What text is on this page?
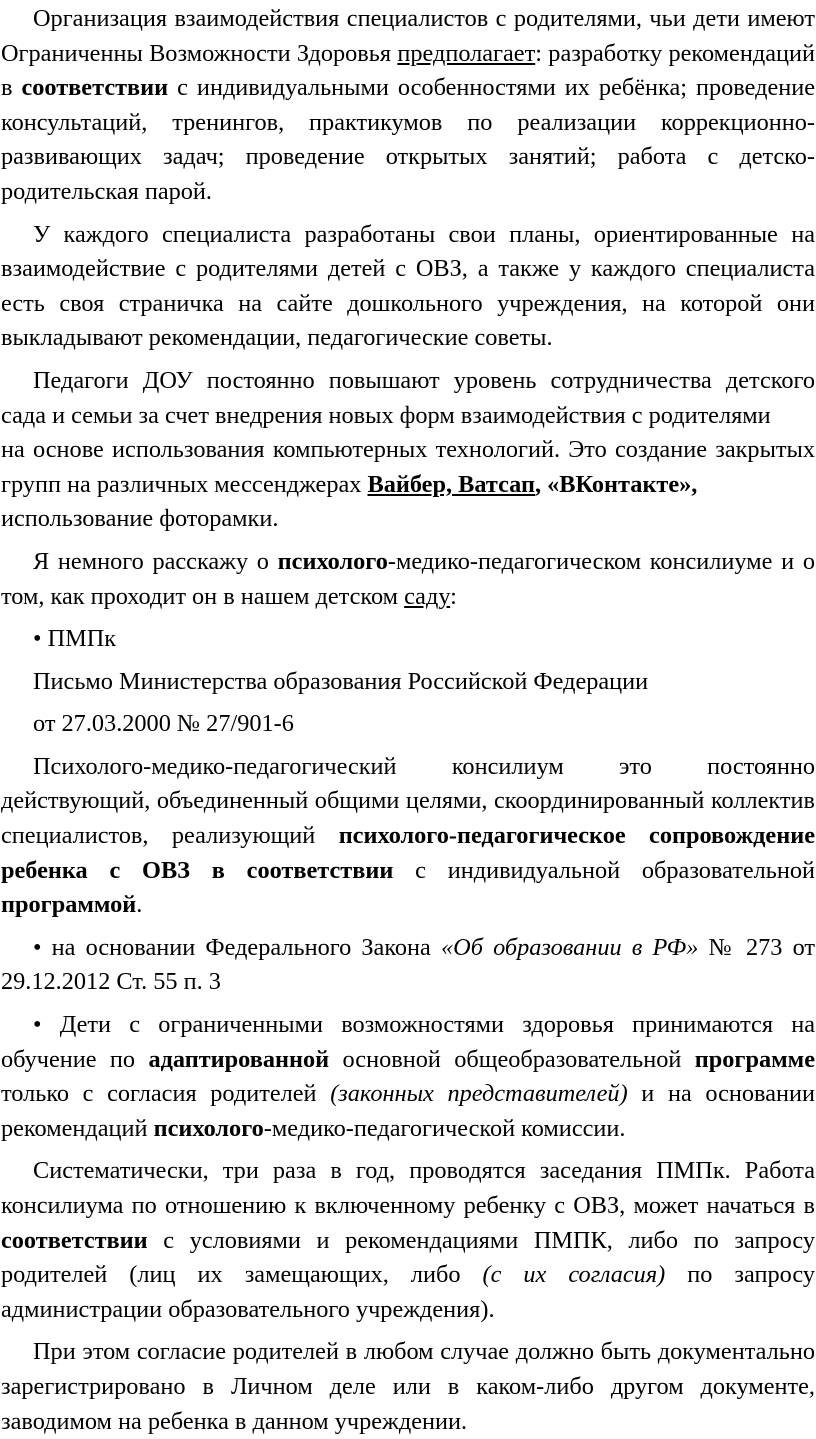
Организация взаимодействия специалистов с родителями, чьи дети имеют Ограниченны Возможности Здоровья предполагает: разработку рекомендаций в соответствии с индивидуальными особенностями их ребёнка; проведение консультаций, тренингов, практикумов по реализации коррекционно-развивающих задач; проведение открытых занятий; работа с детско-родительская парой.

У каждого специалиста разработаны свои планы, ориентированные на взаимодействие с родителями детей с ОВЗ, а также у каждого специалиста есть своя страничка на сайте дошкольного учреждения, на которой они выкладывают рекомендации, педагогические советы.

Педагоги ДОУ постоянно повышают уровень сотрудничества детского
сада и семьи за счет внедрения новых форм взаимодействия с родителями
на основе использования компьютерных технологий. Это создание закрытых
групп на различных мессенджерах Вайбер, Ватсап, «ВКонтакте»,
использование фоторамки.

Я немного расскажу о психолого-медико-педагогическом консилиуме и о том, как проходит он в нашем детском саду:

• ПМПк

Письмо Министерства образования Российской Федерации

от 27.03.2000 № 27/901-6

Психолого-медико-педагогический консилиум это постоянно действующий, объединенный общими целями, скоординированный коллектив специалистов, реализующий психолого-педагогическое сопровождение ребенка с ОВЗ в соответствии с индивидуальной образовательной программой.

• на основании Федерального Закона «Об образовании в РФ» № 273 от 29.12.2012 Ст. 55 п. 3

• Дети с ограниченными возможностями здоровья принимаются на обучение по адаптированной основной общеобразовательной программе только с согласия родителей (законных представителей) и на основании рекомендаций психолого-медико-педагогической комиссии.

Систематически, три раза в год, проводятся заседания ПМПк. Работа консилиума по отношению к включенному ребенку с ОВЗ, может начаться в соответствии с условиями и рекомендациями ПМПК, либо по запросу родителей (лиц их замещающих, либо (с их согласия) по запросу администрации образовательного учреждения).

При этом согласие родителей в любом случае должно быть документально зарегистрировано в Личном деле или в каком-либо другом документе, заводимом на ребенка в данном учреждении.
